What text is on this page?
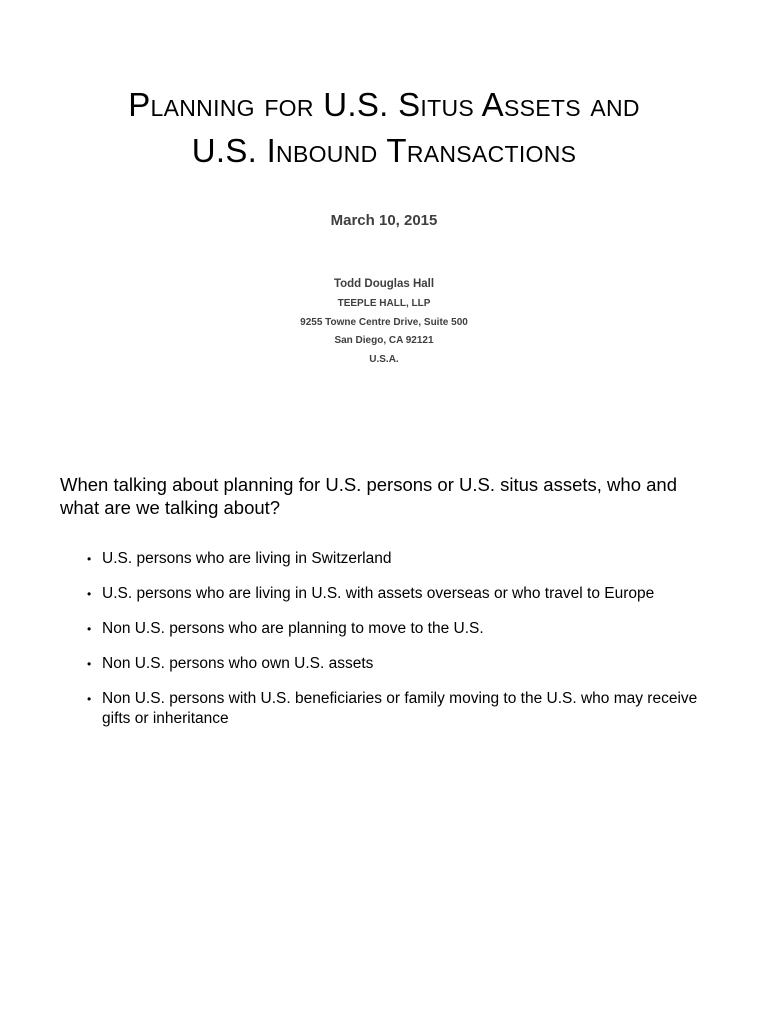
Planning for U.S. Situs Assets and
U.S. Inbound Transactions
March 10, 2015
Todd Douglas Hall
TEEPLE HALL, LLP
9255 Towne Centre Drive, Suite 500
San Diego, CA 92121
U.S.A.
When talking about planning for U.S. persons or U.S. situs assets, who and what are we talking about?
• U.S. persons who are living in Switzerland
• U.S. persons who are living in U.S. with assets overseas or who travel to Europe
• Non U.S. persons who are planning to move to the U.S.
• Non U.S. persons who own U.S. assets
• Non U.S. persons with U.S. beneficiaries or family moving to the U.S. who may receive gifts or inheritance
